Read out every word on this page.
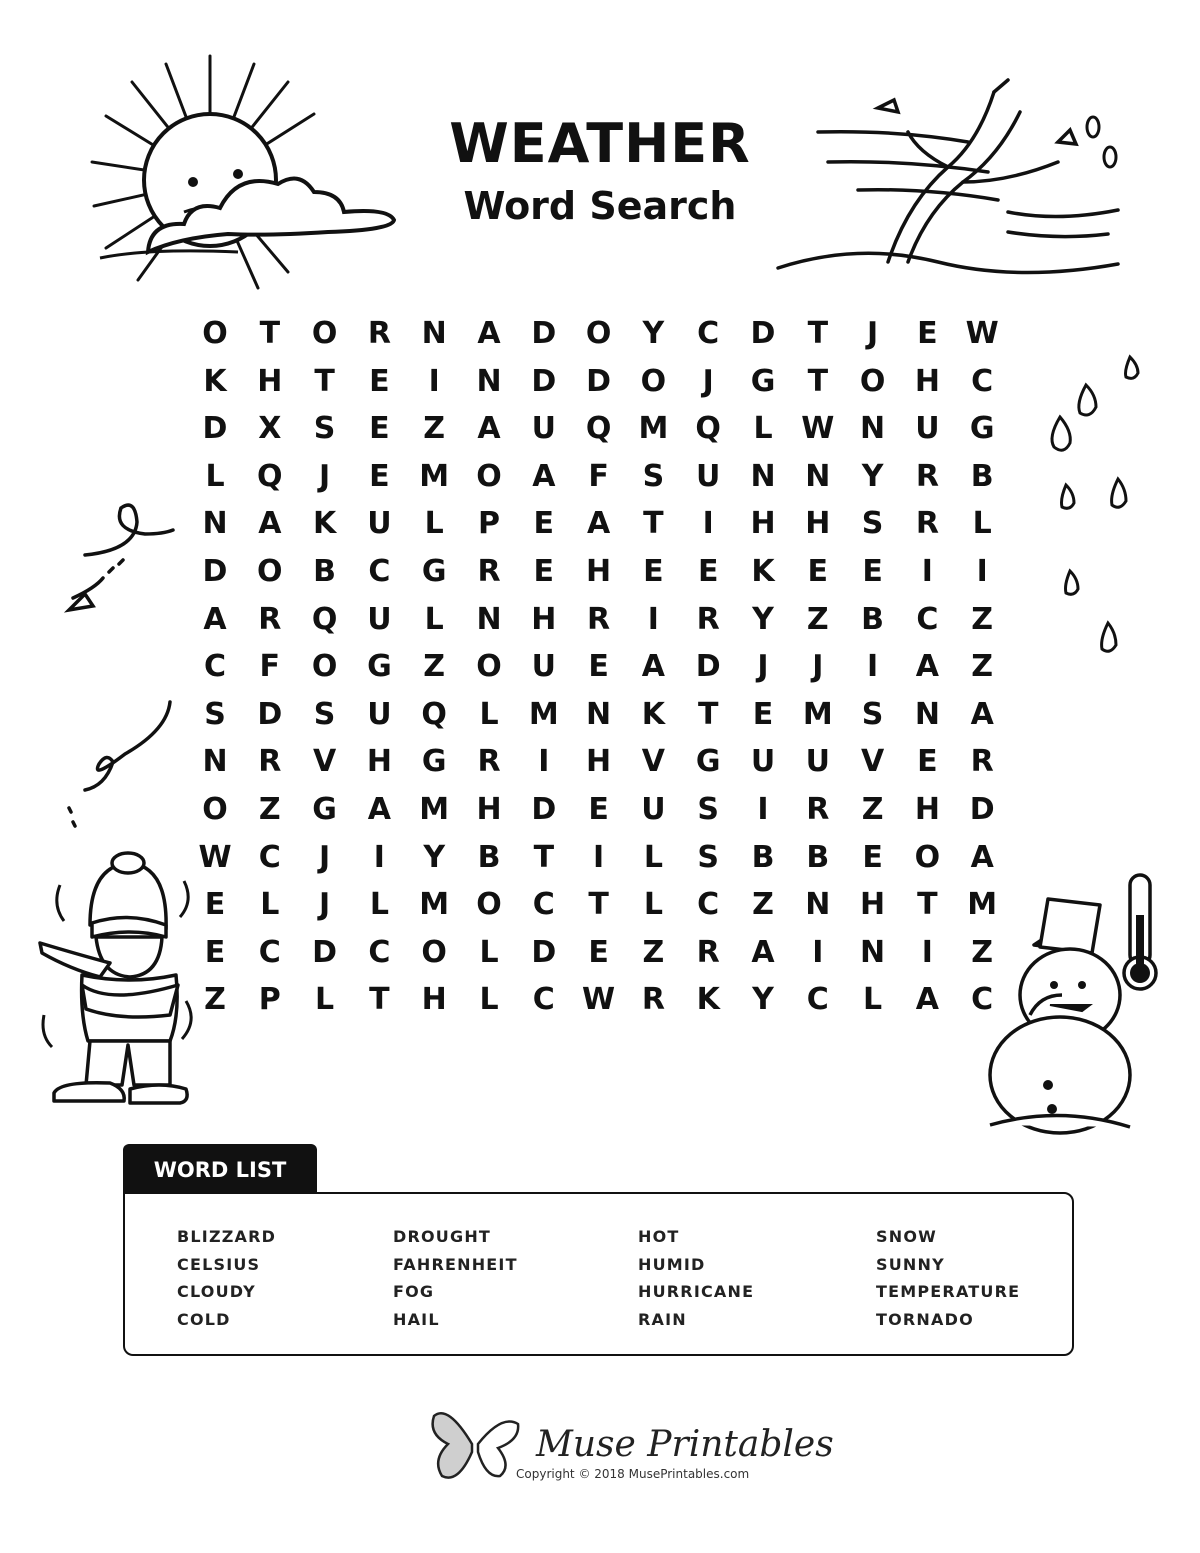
WEATHER
Word Search
O	T	O	R	N	A	D O	Y	C	D	T	J	E W
K	H	T	E	I	N D D O	J	G	T	O H	C
D	X	S	E	Z	A	U Q M Q	L W N	U	G
L	Q	J	E M O	A	F	S	U	N N	Y	R	B
N	A	K	U	L	P	E	A	T	I	H H	S	R	L
D O	B	C	G	R	E	H	E	E	K	E	E	I	I
A	R	Q U	L	N H	R	I	R	Y	Z	B	C	Z
C	F	O G	Z	O U	E	A	D	J	J	I	A	Z
S	D	S	U Q	L	M N	K	T	E M S	N	A
N	R	V	H G	R	I	H	V	G	U	U	V	E	R
O	Z	G	A M H D	E	U	S	I	R	Z	H D
W C	J	I	Y	B	T	I	L	S	B	B	E	O	A
E	L	J	L	M O	C	T	L	C	Z	N H	T M
E	C	D	C	O	L	D	E	Z	R	A	I	N	I	Z
Z	P	L	T	H	L	C W R	K	Y	C	L	A	C
WORD LIST
BLIZZARD
CELSIUS
CLOUDY
COLD
DROUGHT
FAHRENHEIT
FOG
HAIL
HOT
HUMID
HURRICANE
RAIN
SNOW
SUNNY
TEMPERATURE
TORNADO
Muse Printables
Copyright © 2018 MusePrintables.com
